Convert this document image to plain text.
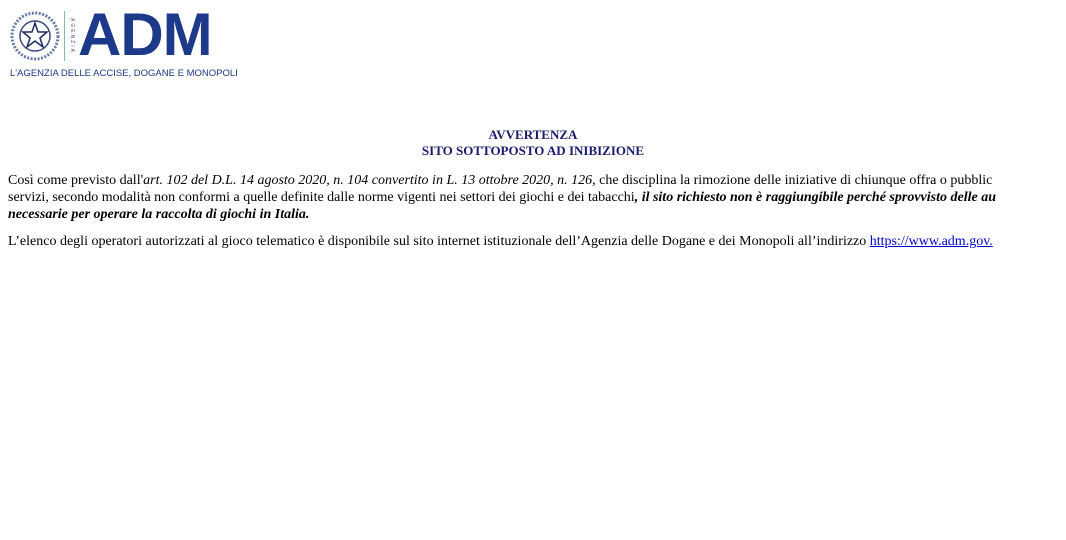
AGENZIA ADM
L'AGENZIA DELLE ACCISE, DOGANE E MONOPOLI
AVVERTENZA
SITO SOTTOPOSTO AD INIBIZIONE
Così come previsto dall'art. 102 del D.L. 14 agosto 2020, n. 104 convertito in L. 13 ottobre 2020, n. 126, che disciplina la rimozione delle iniziative di chiunque offra o pubblic
servizi, secondo modalità non conformi a quelle definite dalle norme vigenti nei settori dei giochi e dei tabacchi, il sito richiesto non è raggiungibile perché sprovvisto delle au
necessarie per operare la raccolta di giochi in Italia.
L’elenco degli operatori autorizzati al gioco telematico è disponibile sul sito internet istituzionale dell’Agenzia delle Dogane e dei Monopoli all’indirizzo https://www.adm.gov.
